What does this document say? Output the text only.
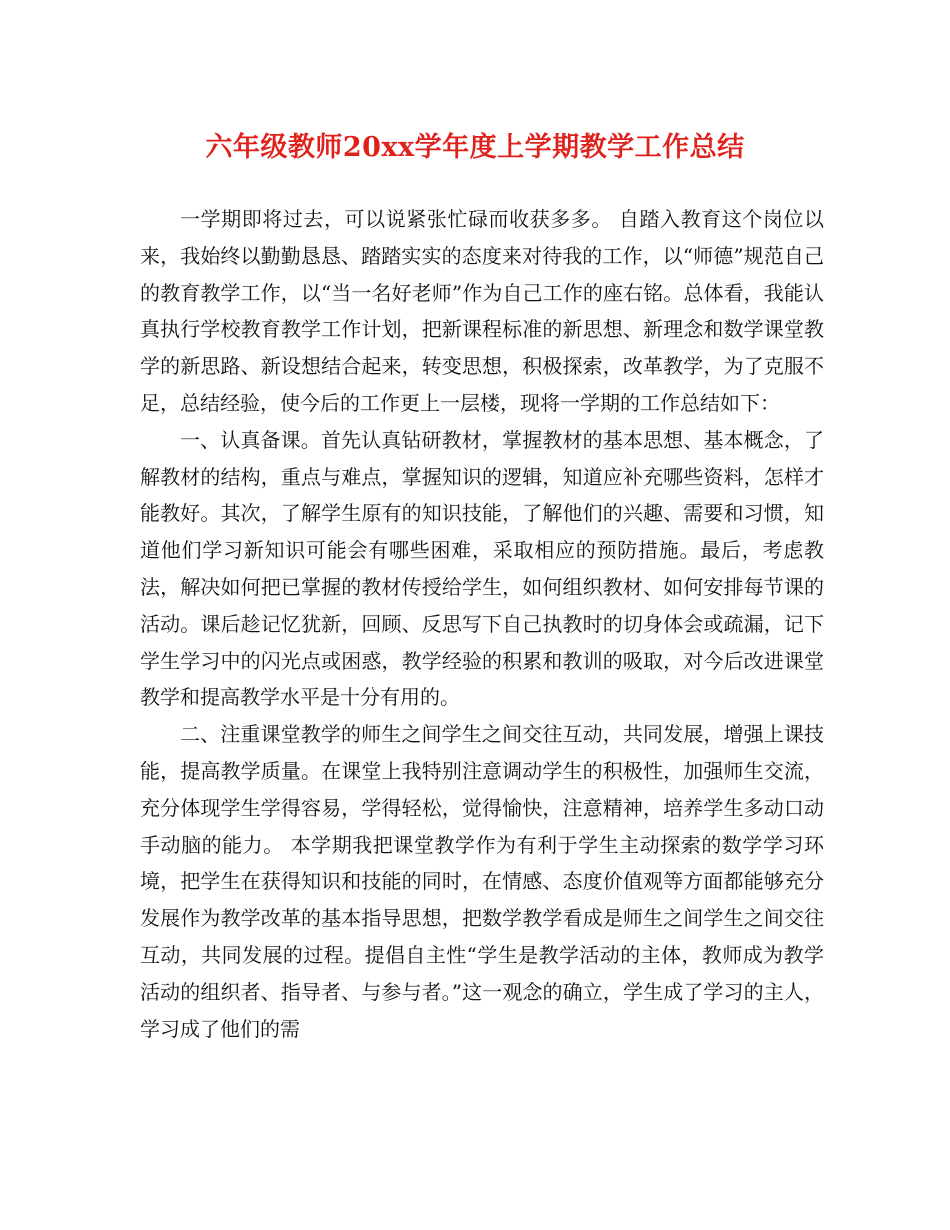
六年级教师20xx学年度上学期教学工作总结

一学期即将过去，可以说紧张忙碌而收获多多。 自踏入教育这个岗位以来，我始终以勤勤恳恳、踏踏实实的态度来对待我的工作，以“师德”规范自己的教育教学工作，以“当一名好老师”作为自己工作的座右铭。总体看，我能认真执行学校教育教学工作计划，把新课程标准的新思想、新理念和数学课堂教学的新思路、新设想结合起来，转变思想，积极探索，改革教学，为了克服不足，总结经验，使今后的工作更上一层楼，现将一学期的工作总结如下：

一、认真备课。首先认真钻研教材，掌握教材的基本思想、基本概念，了解教材的结构，重点与难点，掌握知识的逻辑，知道应补充哪些资料，怎样才能教好。其次，了解学生原有的知识技能，了解他们的兴趣、需要和习惯，知道他们学习新知识可能会有哪些困难，采取相应的预防措施。最后，考虑教法，解决如何把已掌握的教材传授给学生，如何组织教材、如何安排每节课的活动。课后趁记忆犹新，回顾、反思写下自己执教时的切身体会或疏漏，记下学生学习中的闪光点或困惑，教学经验的积累和教训的吸取，对今后改进课堂教学和提高教学水平是十分有用的。

二、注重课堂教学的师生之间学生之间交往互动，共同发展，增强上课技能，提高教学质量。在课堂上我特别注意调动学生的积极性，加强师生交流，充分体现学生学得容易，学得轻松，觉得愉快，注意精神，培养学生多动口动手动脑的能力。 本学期我把课堂教学作为有利于学生主动探索的数学学习环境，把学生在获得知识和技能的同时，在情感、态度价值观等方面都能够充分发展作为教学改革的基本指导思想，把数学教学看成是师生之间学生之间交往互动，共同发展的过程。提倡自主性“学生是教学活动的主体，教师成为教学活动的组织者、指导者、与参与者。”这一观念的确立，学生成了学习的主人，学习成了他们的需
